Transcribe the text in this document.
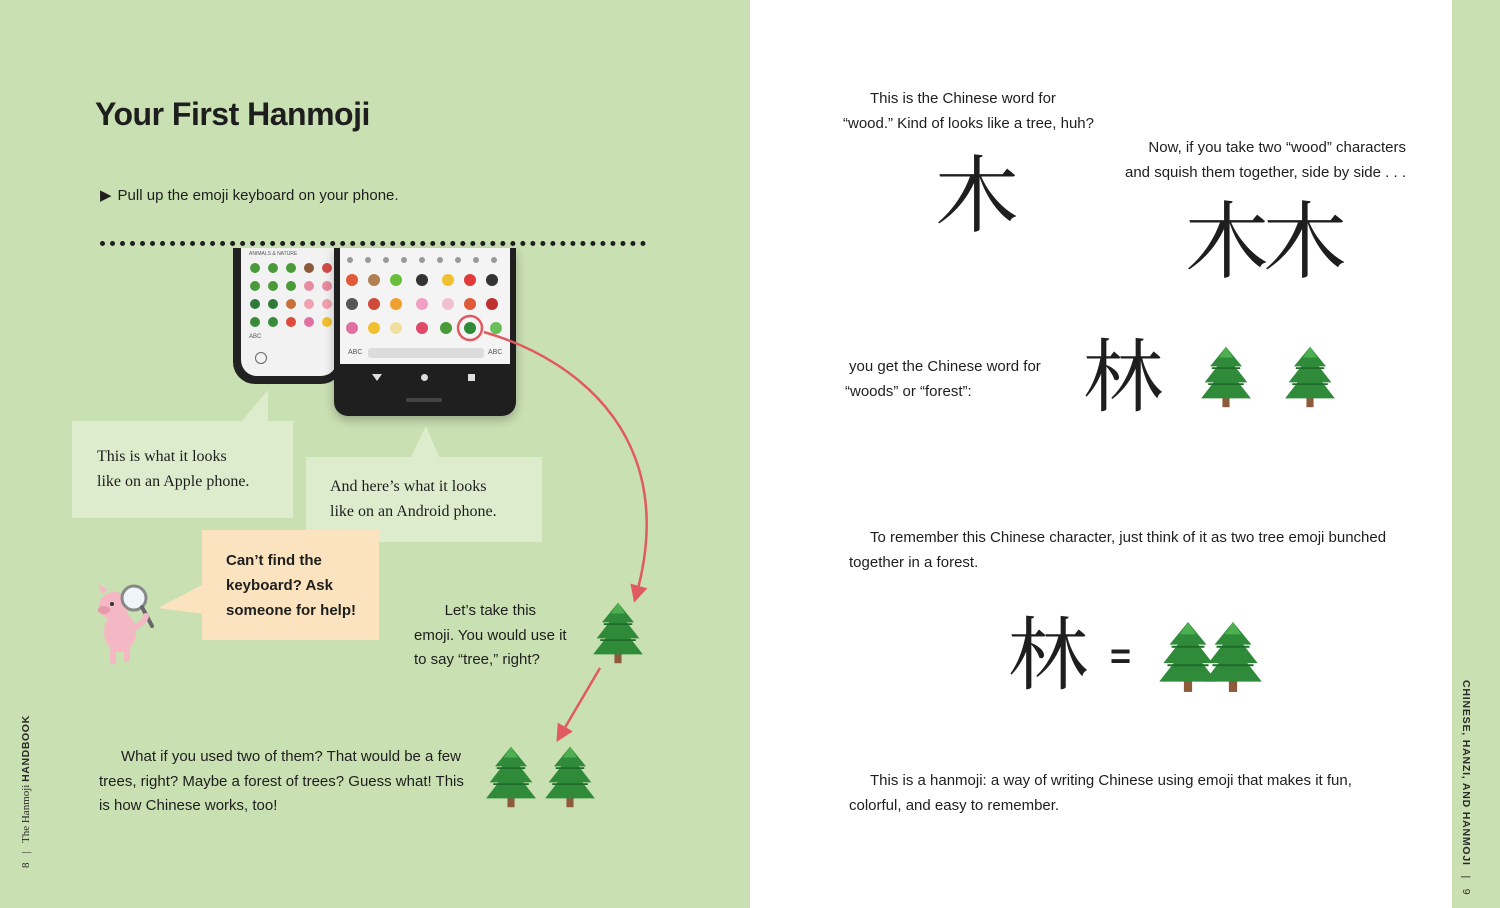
Your First Hanmoji
▶ Pull up the emoji keyboard on your phone.
ANIMALS & NATURE
ABC
ABC	ABC
This is what it looks
like on an Apple phone.	And here’s what it looks
like on an Android phone.
Can’t find the
keyboard? Ask
someone for help!	Let’s take this
emoji. You would use it
to say “tree,” right?
What if you used two of them? That would be a few
trees, right? Maybe a forest of trees? Guess what! This
is how Chinese works, too!
8 | The Hanmoji HANDBOOK
This is the Chinese word for
“wood.” Kind of looks like a tree, huh?
木	Now, if you take two “wood” characters
and squish them together, side by side . . .
木木
you get the Chinese word for
“woods” or “forest”:	林
To remember this Chinese character, just think of it as two tree emoji bunched
together in a forest.
林 =
This is a hanmoji: a way of writing Chinese using emoji that makes it fun,
colorful, and easy to remember.	CHINESE, HANZI, AND HANMOJI | 9
